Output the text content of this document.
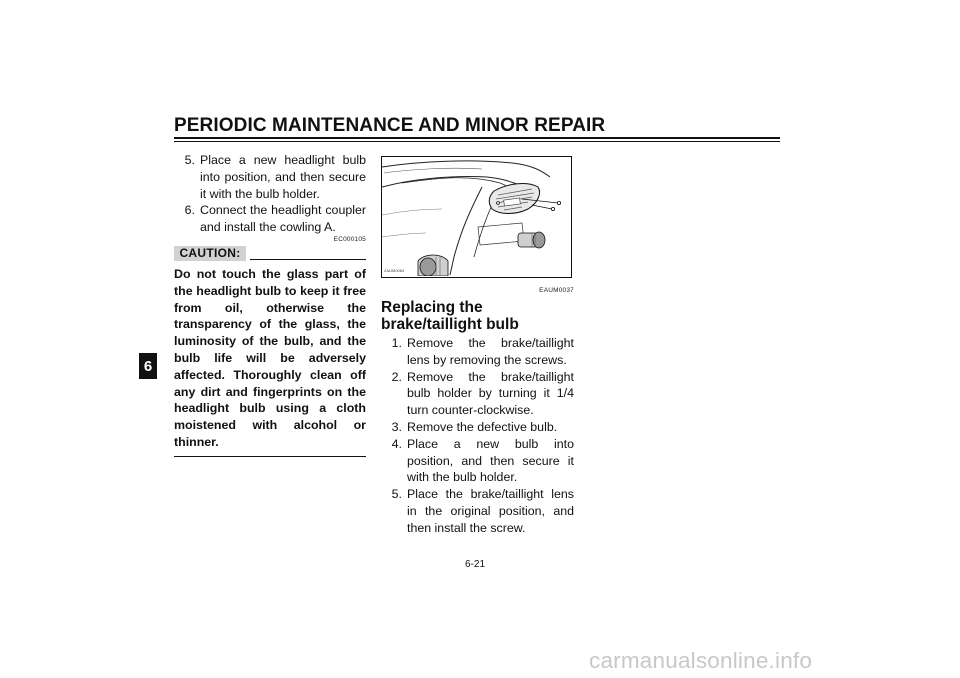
PERIODIC MAINTENANCE AND MINOR REPAIR
6
5. Place a new headlight bulb into position, and then secure it with the bulb holder.
6. Connect the headlight coupler and install the cowling A.
EC000105
CAUTION:
Do not touch the glass part of the headlight bulb to keep it free from oil, otherwise the transparency of the glass, the luminosity of the bulb, and the bulb life will be adversely affected. Thoroughly clean off any dirt and fingerprints on the headlight bulb using a cloth moistened with alcohol or thinner.
ZAUM0084
EAUM0037
Replacing the brake/taillight bulb
1. Remove the brake/taillight lens by removing the screws.
2. Remove the brake/taillight bulb holder by turning it 1/4 turn counter-clockwise.
3. Remove the defective bulb.
4. Place a new bulb into position, and then secure it with the bulb holder.
5. Place the brake/taillight lens in the original position, and then install the screw.
6-21
carmanualsonline.info
